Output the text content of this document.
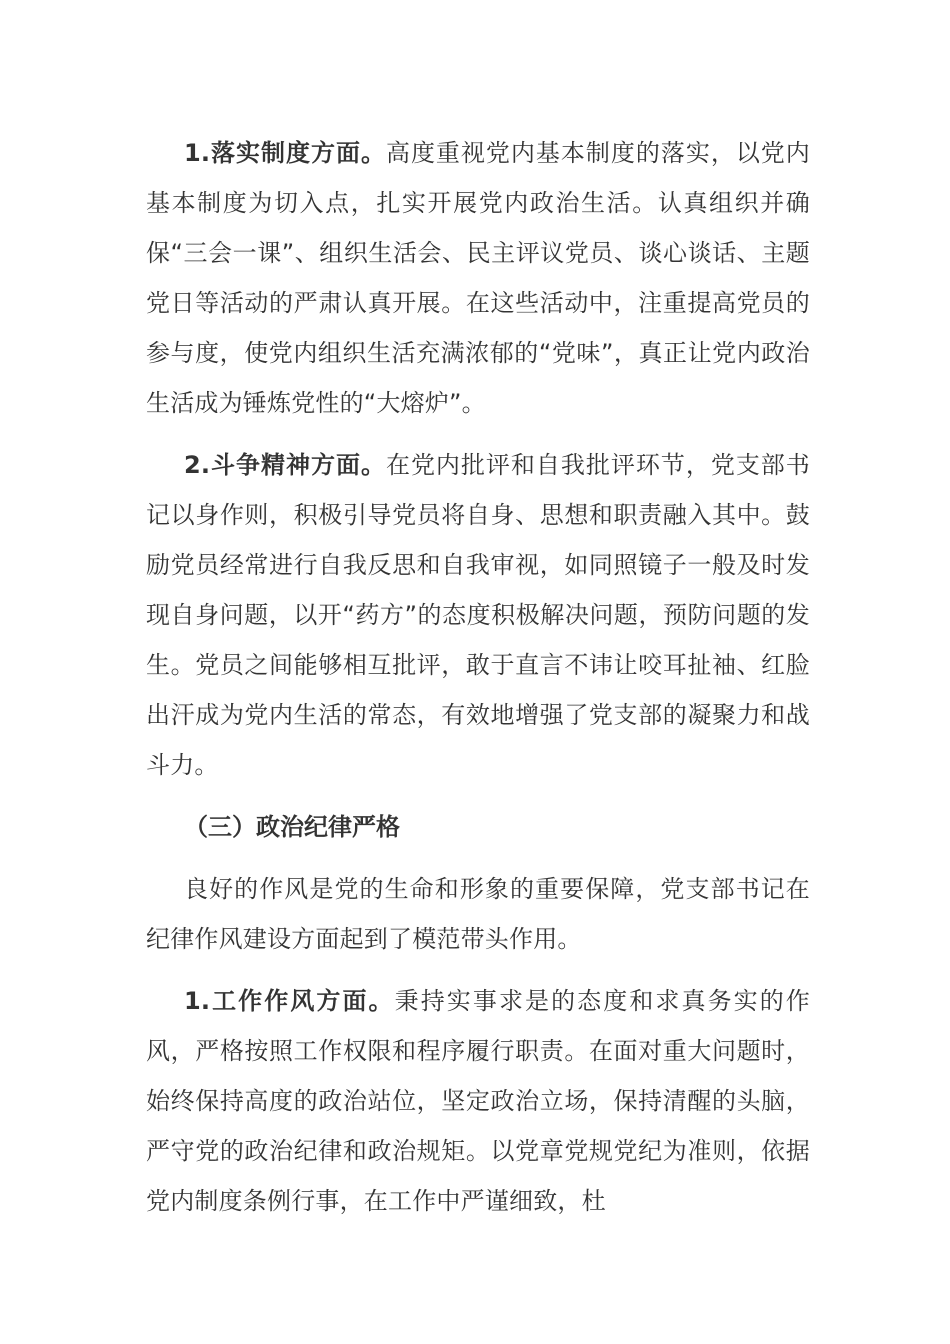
1.落实制度方面。高度重视党内基本制度的落实，以党内基本制度为切入点，扎实开展党内政治生活。认真组织并确保“三会一课”、组织生活会、民主评议党员、谈心谈话、主题党日等活动的严肃认真开展。在这些活动中，注重提高党员的参与度，使党内组织生活充满浓郁的“党味”，真正让党内政治生活成为锤炼党性的“大熔炉”。

2.斗争精神方面。在党内批评和自我批评环节，党支部书记以身作则，积极引导党员将自身、思想和职责融入其中。鼓励党员经常进行自我反思和自我审视，如同照镜子一般及时发现自身问题，以开“药方”的态度积极解决问题，预防问题的发生。党员之间能够相互批评，敢于直言不讳让咬耳扯袖、红脸出汗成为党内生活的常态，有效地增强了党支部的凝聚力和战斗力。

（三）政治纪律严格

良好的作风是党的生命和形象的重要保障，党支部书记在纪律作风建设方面起到了模范带头作用。

1.工作作风方面。秉持实事求是的态度和求真务实的作风，严格按照工作权限和程序履行职责。在面对重大问题时，始终保持高度的政治站位，坚定政治立场，保持清醒的头脑，严守党的政治纪律和政治规矩。以党章党规党纪为准则，依据党内制度条例行事，在工作中严谨细致，杜
